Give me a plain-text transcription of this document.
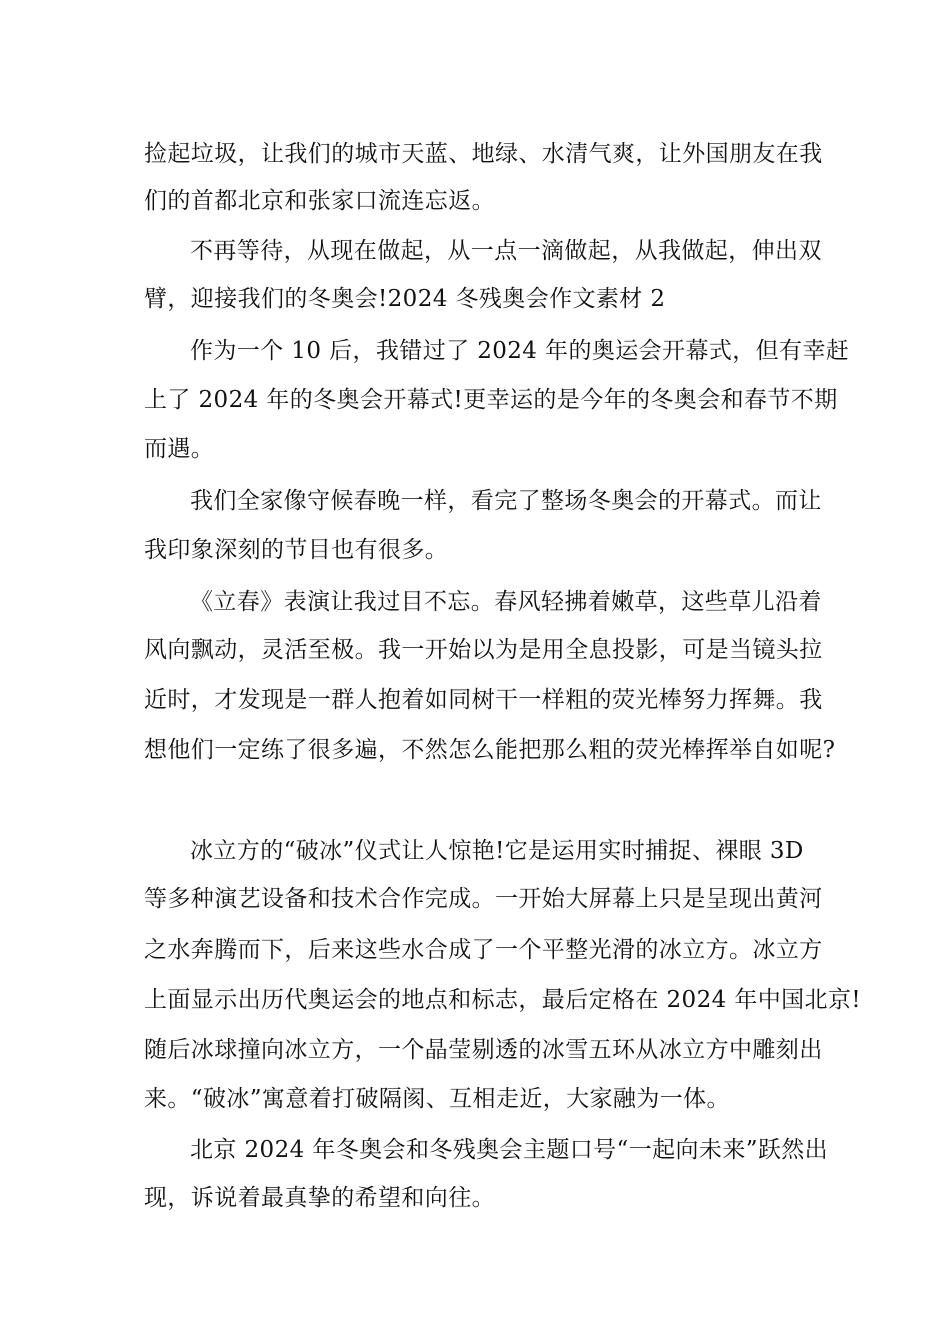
捡起垃圾，让我们的城市天蓝、地绿、水清气爽，让外国朋友在我
们的首都北京和张家口流连忘返。
不再等待，从现在做起，从一点一滴做起，从我做起，伸出双
臂，迎接我们的冬奥会!2024 冬残奥会作文素材 2
作为一个 10 后，我错过了 2024 年的奥运会开幕式，但有幸赶
上了 2024 年的冬奥会开幕式!更幸运的是今年的冬奥会和春节不期
而遇。
我们全家像守候春晚一样，看完了整场冬奥会的开幕式。而让
我印象深刻的节目也有很多。
《立春》表演让我过目不忘。春风轻拂着嫩草，这些草儿沿着
风向飘动，灵活至极。我一开始以为是用全息投影，可是当镜头拉
近时，才发现是一群人抱着如同树干一样粗的荧光棒努力挥舞。我
想他们一定练了很多遍，不然怎么能把那么粗的荧光棒挥举自如呢?
冰立方的“破冰”仪式让人惊艳!它是运用实时捕捉、裸眼 3D
等多种演艺设备和技术合作完成。一开始大屏幕上只是呈现出黄河
之水奔腾而下，后来这些水合成了一个平整光滑的冰立方。冰立方
上面显示出历代奥运会的地点和标志，最后定格在 2024 年中国北京!
随后冰球撞向冰立方，一个晶莹剔透的冰雪五环从冰立方中雕刻出
来。“破冰”寓意着打破隔阂、互相走近，大家融为一体。
北京 2024 年冬奥会和冬残奥会主题口号“一起向未来”跃然出
现，诉说着最真挚的希望和向往。
